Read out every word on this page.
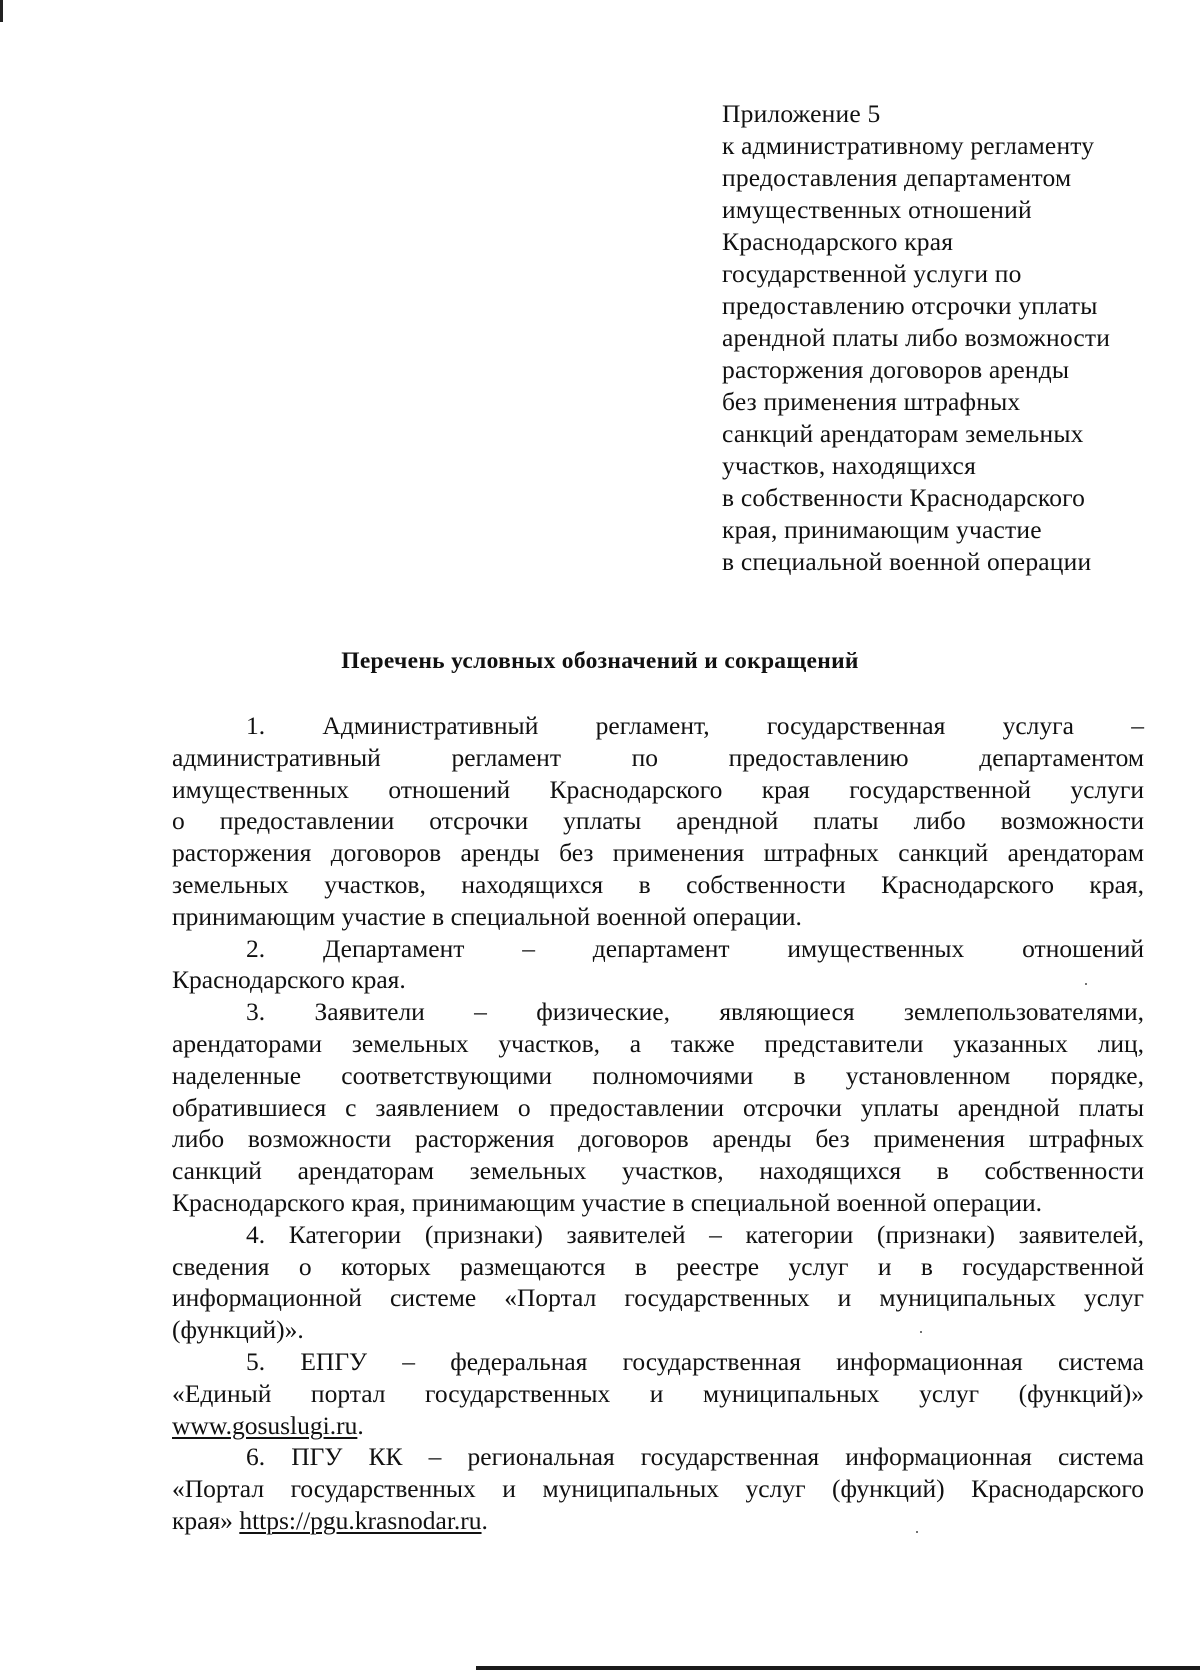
Приложение 5
к административному регламенту
предоставления департаментом
имущественных отношений
Краснодарского края
государственной услуги по
предоставлению отсрочки уплаты
арендной платы либо возможности
расторжения договоров аренды
без применения штрафных
санкций арендаторам земельных
участков, находящихся
в собственности Краснодарского
края, принимающим участие
в специальной военной операции
Перечень условных обозначений и сокращений
1. Административный регламент, государственная услуга –
административный регламент по предоставлению департаментом
имущественных отношений Краснодарского края государственной услуги
о предоставлении отсрочки уплаты арендной платы либо возможности
расторжения договоров аренды без применения штрафных санкций арендаторам
земельных участков, находящихся в собственности Краснодарского края,
принимающим участие в специальной военной операции.
2. Департамент – департамент имущественных отношений
Краснодарского края.
3. Заявители – физические, являющиеся землепользователями,
арендаторами земельных участков, а также представители указанных лиц,
наделенные соответствующими полномочиями в установленном порядке,
обратившиеся с заявлением о предоставлении отсрочки уплаты арендной платы
либо возможности расторжения договоров аренды без применения штрафных
санкций арендаторам земельных участков, находящихся в собственности
Краснодарского края, принимающим участие в специальной военной операции.
4. Категории (признаки) заявителей – категории (признаки) заявителей,
сведения о которых размещаются в реестре услуг и в государственной
информационной системе «Портал государственных и муниципальных услуг
(функций)».
5. ЕПГУ – федеральная государственная информационная система
«Единый портал государственных и муниципальных услуг (функций)»
www.gosuslugi.ru.
6. ПГУ КК – региональная государственная информационная система
«Портал государственных и муниципальных услуг (функций) Краснодарского
края» https://pgu.krasnodar.ru.
